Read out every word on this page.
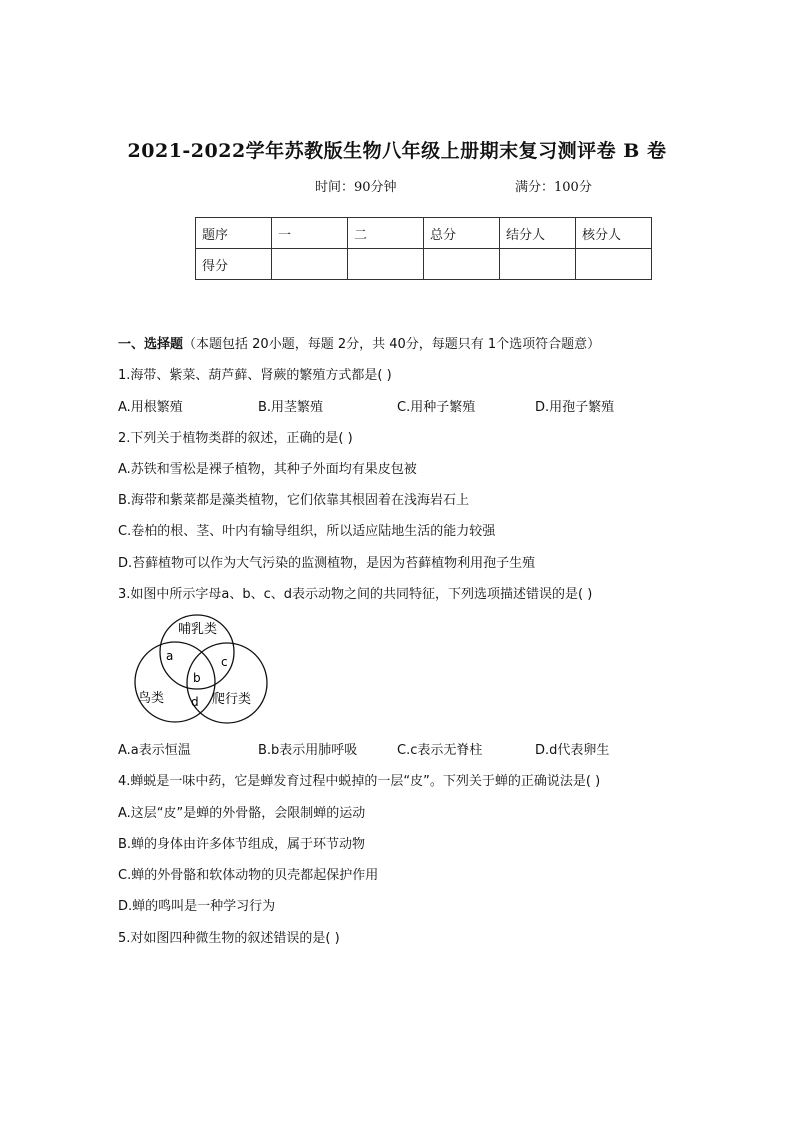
2021-2022学年苏教版生物八年级上册期末复习测评卷 B 卷
时间：90分钟	满分：100分
题序	一	二	总分	结分人	核分人
得分					
一、选择题（本题包括 20小题，每题 2分，共 40分，每题只有 1个选项符合题意）
1.海带、紫菜、葫芦藓、肾蕨的繁殖方式都是( )
A.用根繁殖	B.用茎繁殖	C.用种子繁殖	D.用孢子繁殖
2.下列关于植物类群的叙述，正确的是( )
A.苏铁和雪松是裸子植物，其种子外面均有果皮包被
B.海带和紫菜都是藻类植物，它们依靠其根固着在浅海岩石上
C.卷柏的根、茎、叶内有输导组织，所以适应陆地生活的能力较强
D.苔藓植物可以作为大气污染的监测植物，是因为苔藓植物利用孢子生殖
3.如图中所示字母a、b、c、d表示动物之间的共同特征，下列选项描述错误的是( )
哺乳类
鸟类	爬行类
a
b
c
d
A.a表示恒温	B.b表示用肺呼吸	C.c表示无脊柱	D.d代表卵生
4.蝉蜕是一味中药，它是蝉发育过程中蜕掉的一层“皮”。下列关于蝉的正确说法是( )
A.这层“皮”是蝉的外骨骼，会限制蝉的运动
B.蝉的身体由许多体节组成，属于环节动物
C.蝉的外骨骼和软体动物的贝壳都起保护作用
D.蝉的鸣叫是一种学习行为
5.对如图四种微生物的叙述错误的是( )
